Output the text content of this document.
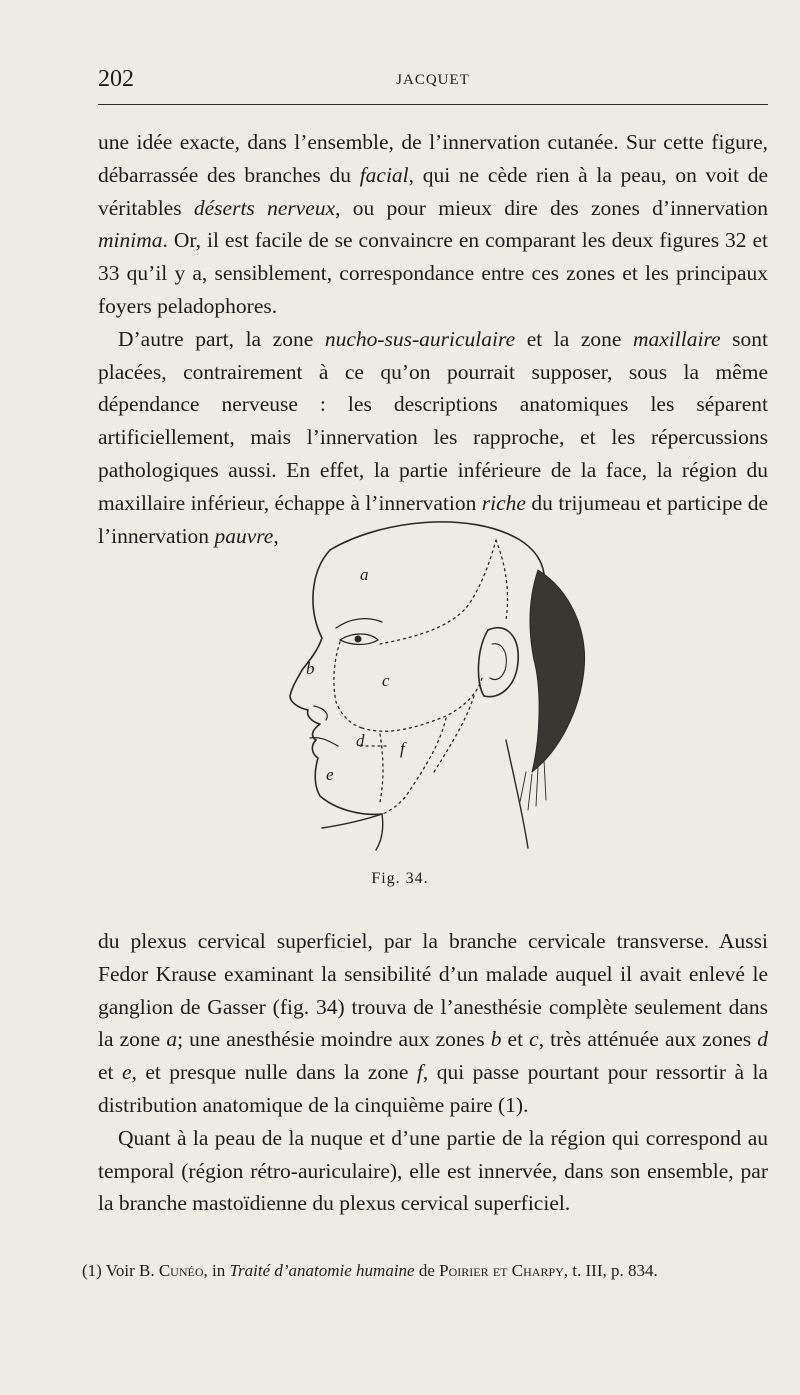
202	JACQUET

une idée exacte, dans l’ensemble, de l’innervation cutanée. Sur cette figure, débarrassée des branches du facial, qui ne cède rien à la peau, on voit de véritables déserts nerveux, ou pour mieux dire des zones d’innervation minima. Or, il est facile de se convaincre en comparant les deux figures 32 et 33 qu’il y a, sensiblement, correspondance entre ces zones et les principaux foyers peladophores.

D’autre part, la zone nucho-sus-auriculaire et la zone maxillaire sont placées, contrairement à ce qu’on pourrait supposer, sous la même dépendance nerveuse : les descriptions anatomiques les séparent artificiellement, mais l’innervation les rapproche, et les répercussions pathologiques aussi. En effet, la partie inférieure de la face, la région du maxillaire inférieur, échappe à l’innervation riche du trijumeau et participe de l’innervation pauvre,

a
b
c
d
e
f
Fig. 34.

du plexus cervical superficiel, par la branche cervicale transverse. Aussi Fedor Krause examinant la sensibilité d’un malade auquel il avait enlevé le ganglion de Gasser (fig. 34) trouva de l’anesthésie complète seulement dans la zone a; une anesthésie moindre aux zones b et c, très atténuée aux zones d et e, et presque nulle dans la zone f, qui passe pourtant pour ressortir à la distribution anatomique de la cinquième paire (1).

Quant à la peau de la nuque et d’une partie de la région qui correspond au temporal (région rétro-auriculaire), elle est innervée, dans son ensemble, par la branche mastoïdienne du plexus cervical superficiel.

(1) Voir B. Cunéo, in Traité d’anatomie humaine de Poirier et Charpy, t. III, p. 834.
